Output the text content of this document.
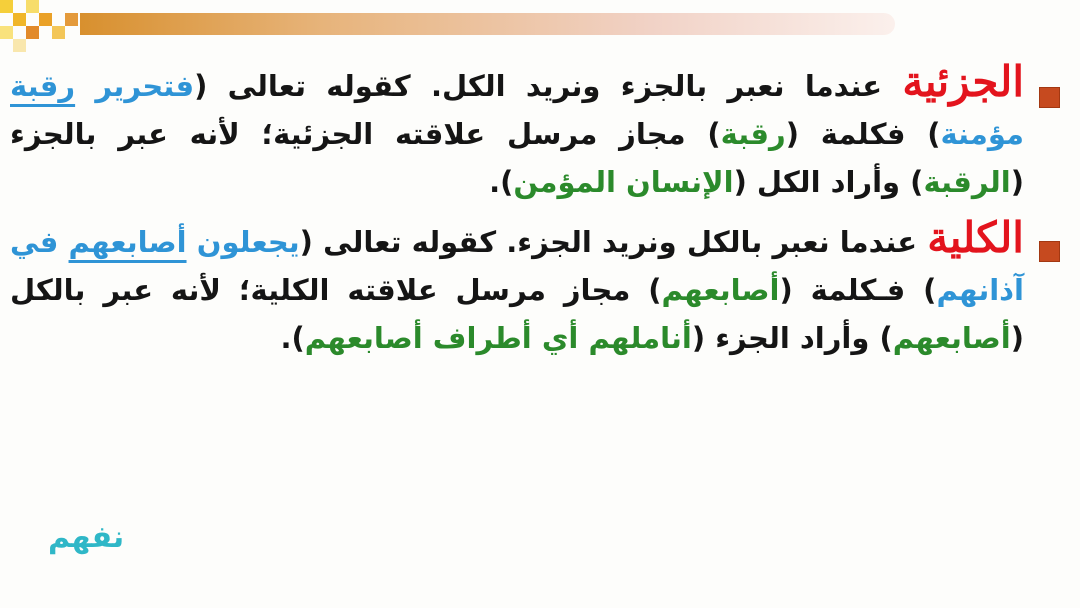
الجزئية عندما نعبر بالجزء ونريد الكل. كقوله تعالى (فتحرير رقبة مؤمنة) فكلمة (رقبة) مجاز مرسل علاقته الجزئية؛ لأنه عبر بالجزء (الرقبة) وأراد الكل (الإنسان المؤمن).
الكلية عندما نعبر بالكل ونريد الجزء. كقوله تعالى (يجعلون أصابعهم في آذانهم) فـكلمة (أصابعهم) مجاز مرسل علاقته الكلية؛ لأنه عبر بالكل (أصابعهم) وأراد الجزء (أناملهم أي أطراف أصابعهم).
نفهم
